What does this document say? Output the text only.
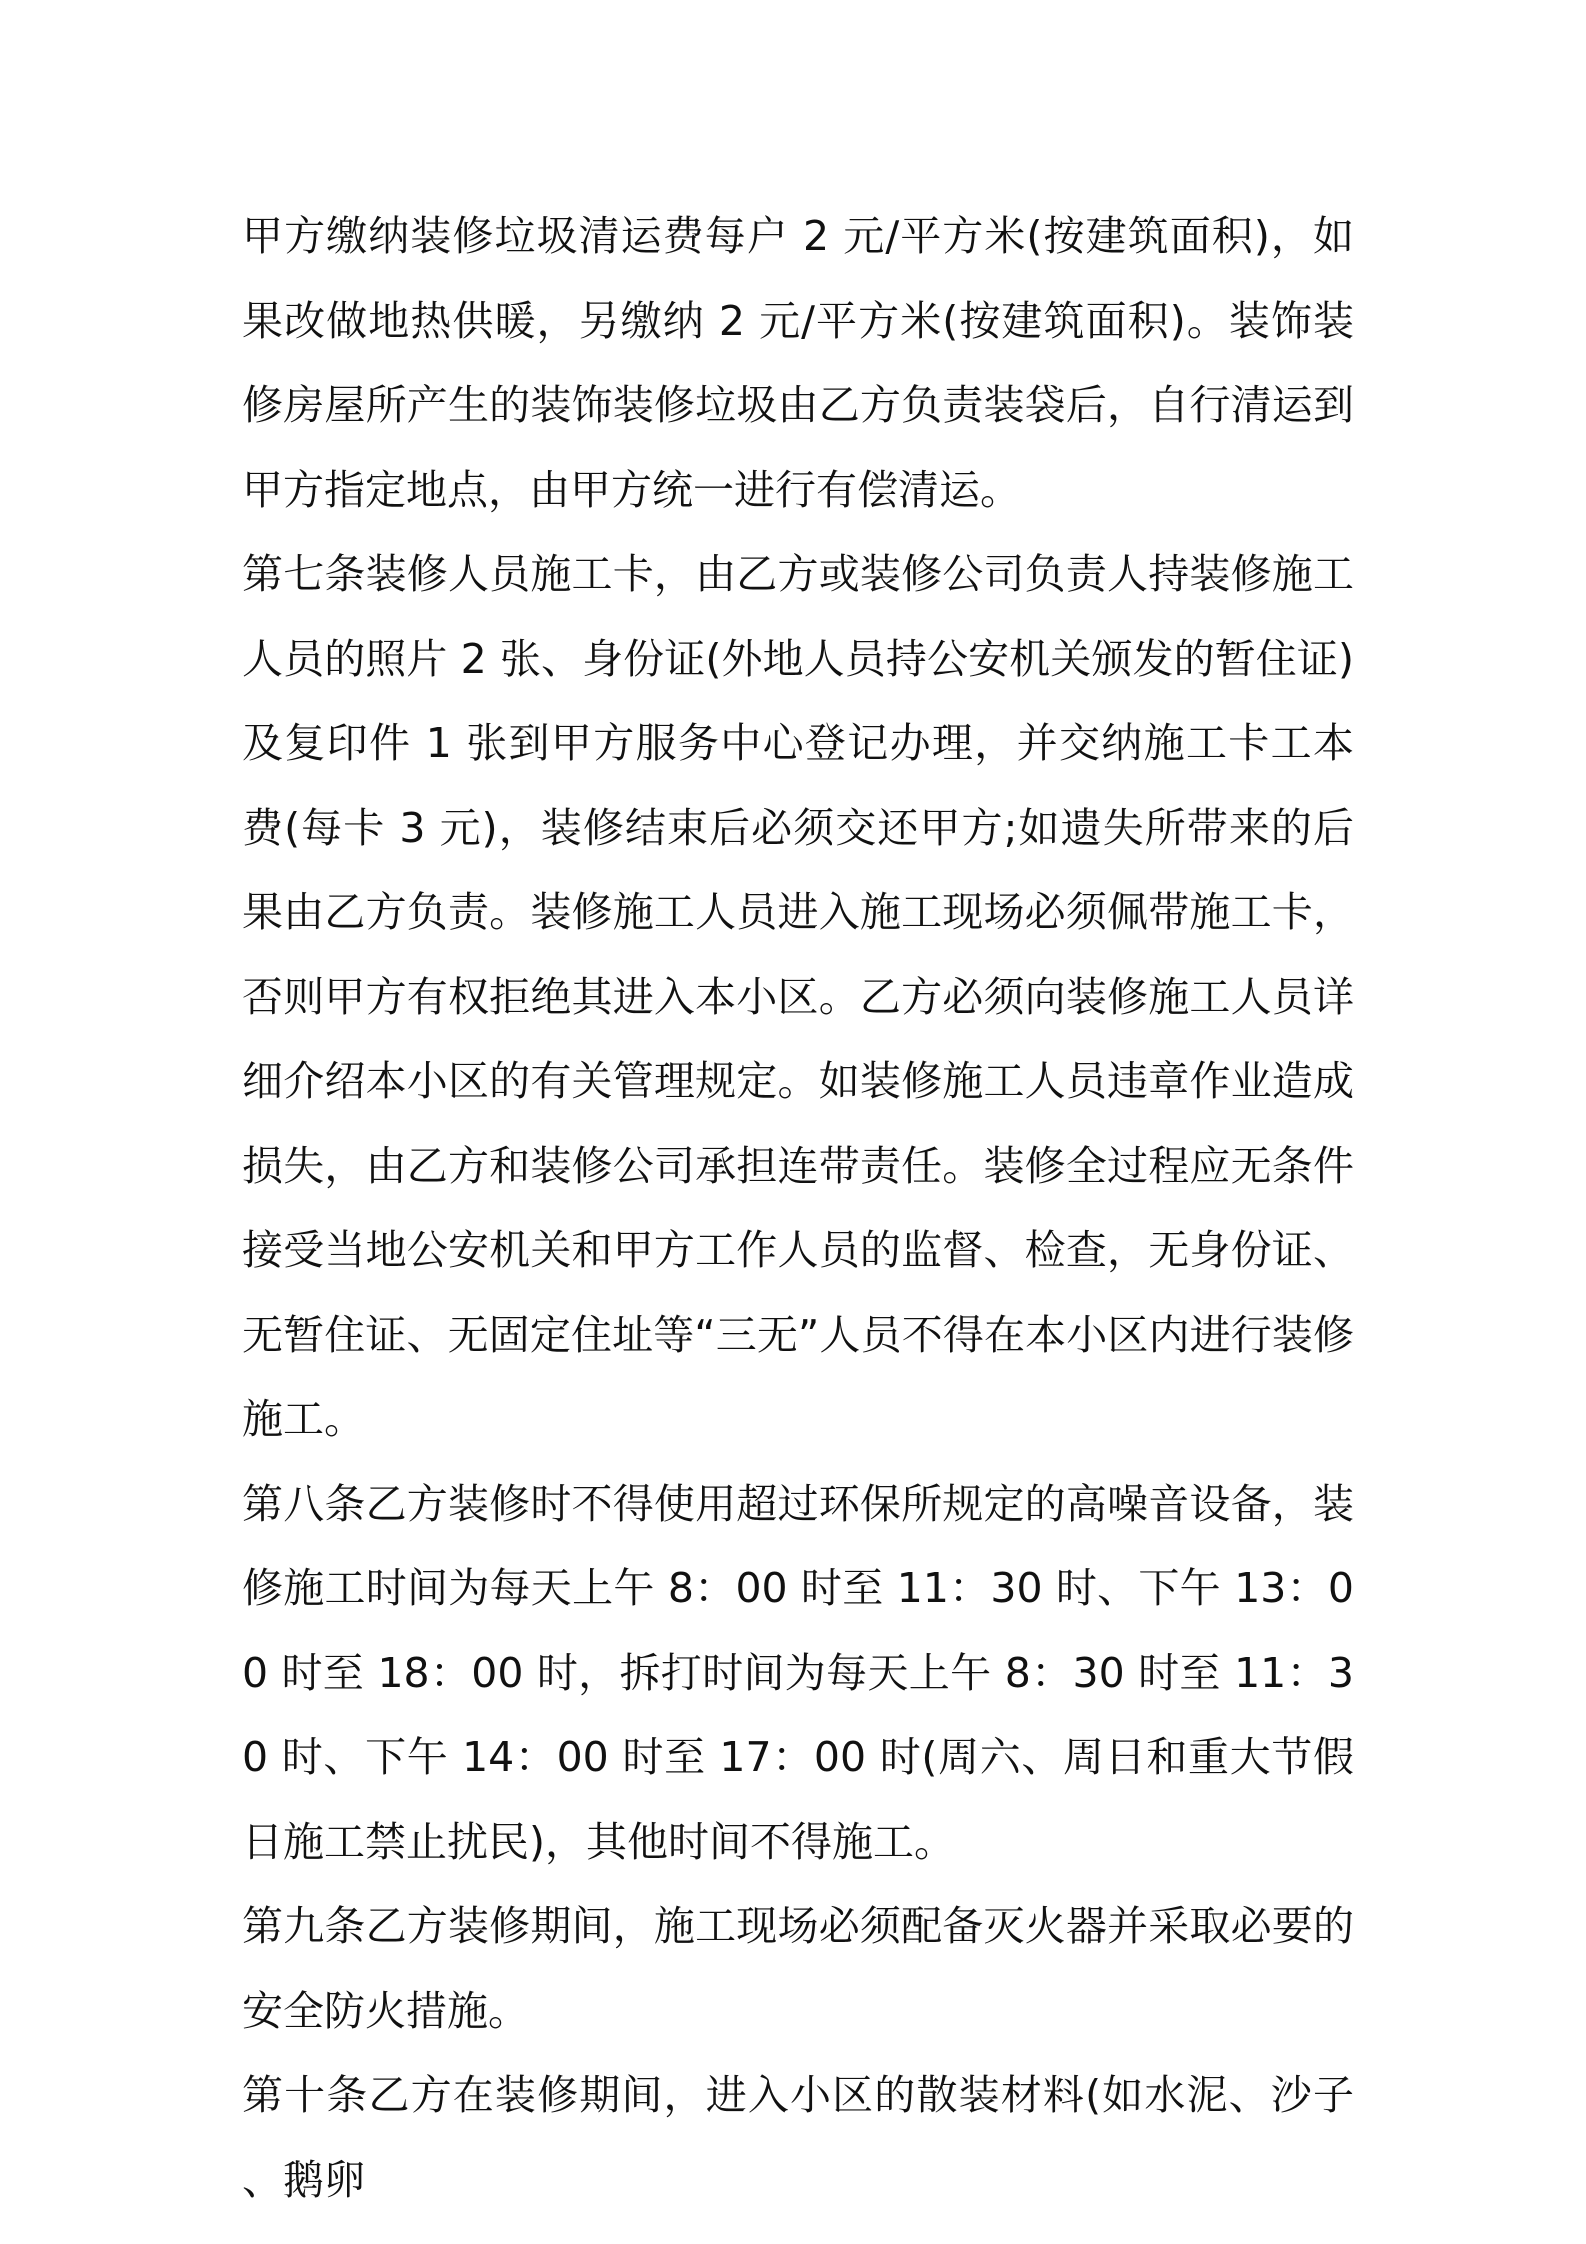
甲方缴纳装修垃圾清运费每户 2 元/平方米(按建筑面积)，如果改做地热供暖，另缴纳 2 元/平方米(按建筑面积)。装饰装修房屋所产生的装饰装修垃圾由乙方负责装袋后，自行清运到甲方指定地点，由甲方统一进行有偿清运。

第七条装修人员施工卡，由乙方或装修公司负责人持装修施工人员的照片 2 张、身份证(外地人员持公安机关颁发的暂住证)及复印件 1 张到甲方服务中心登记办理，并交纳施工卡工本费(每卡 3 元)，装修结束后必须交还甲方;如遗失所带来的后果由乙方负责。装修施工人员进入施工现场必须佩带施工卡，否则甲方有权拒绝其进入本小区。乙方必须向装修施工人员详细介绍本小区的有关管理规定。如装修施工人员违章作业造成损失，由乙方和装修公司承担连带责任。装修全过程应无条件接受当地公安机关和甲方工作人员的监督、检查，无身份证、无暂住证、无固定住址等“三无”人员不得在本小区内进行装修施工。

第八条乙方装修时不得使用超过环保所规定的高噪音设备，装修施工时间为每天上午 8：00 时至 11：30 时、下午 13：00 时至 18：00 时，拆打时间为每天上午 8：30 时至 11：30 时、下午 14：00 时至 17：00 时(周六、周日和重大节假日施工禁止扰民)，其他时间不得施工。

第九条乙方装修期间，施工现场必须配备灭火器并采取必要的安全防火措施。

第十条乙方在装修期间，进入小区的散装材料(如水泥、沙子、鹅卵
